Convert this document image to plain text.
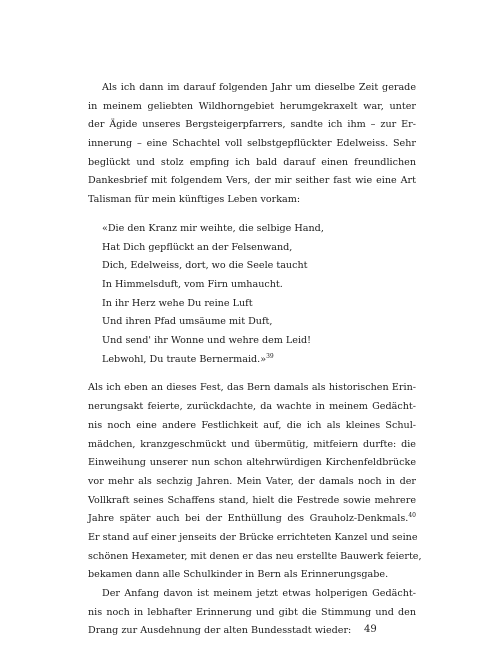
Als ich dann im darauf folgenden Jahr um dieselbe Zeit gerade
in meinem geliebten Wildhorngebiet herumgekraxelt war, unter
der Ägide unseres Bergsteigerpfarrers, sandte ich ihm – zur Er-
innerung – eine Schachtel voll selbstgepflückter Edelweiss. Sehr
beglückt und stolz empfing ich bald darauf einen freundlichen
Dankesbrief mit folgendem Vers, der mir seither fast wie eine Art
Talisman für mein künftiges Leben vorkam:
«Die den Kranz mir weihte, die selbige Hand,
Hat Dich gepflückt an der Felsenwand,
Dich, Edelweiss, dort, wo die Seele taucht
In Himmelsduft, vom Firn umhaucht.
In ihr Herz wehe Du reine Luft
Und ihren Pfad umsäume mit Duft,
Und send' ihr Wonne und wehre dem Leid!
Lebwohl, Du traute Bernermaid.»$^{39}$
Als ich eben an dieses Fest, das Bern damals als historischen Erin-
nerungsakt feierte, zurückdachte, da wachte in meinem Gedächt-
nis noch eine andere Festlichkeit auf, die ich als kleines Schul-
mädchen, kranzgeschmückt und übermütig, mitfeiern durfte: die
Einweihung unserer nun schon altehrwürdigen Kirchenfeldbrücke
vor mehr als sechzig Jahren. Mein Vater, der damals noch in der
Vollkraft seines Schaffens stand, hielt die Festrede sowie mehrere
Jahre später auch bei der Enthüllung des Grauholz-Denkmals.$^{40}$
Er stand auf einer jenseits der Brücke errichteten Kanzel und seine
schönen Hexameter, mit denen er das neu erstellte Bauwerk feierte,
bekamen dann alle Schulkinder in Bern als Erinnerungsgabe.
Der Anfang davon ist meinem jetzt etwas holperigen Gedächt-
nis noch in lebhafter Erinnerung und gibt die Stimmung und den
Drang zur Ausdehnung der alten Bundesstadt wieder:	49
